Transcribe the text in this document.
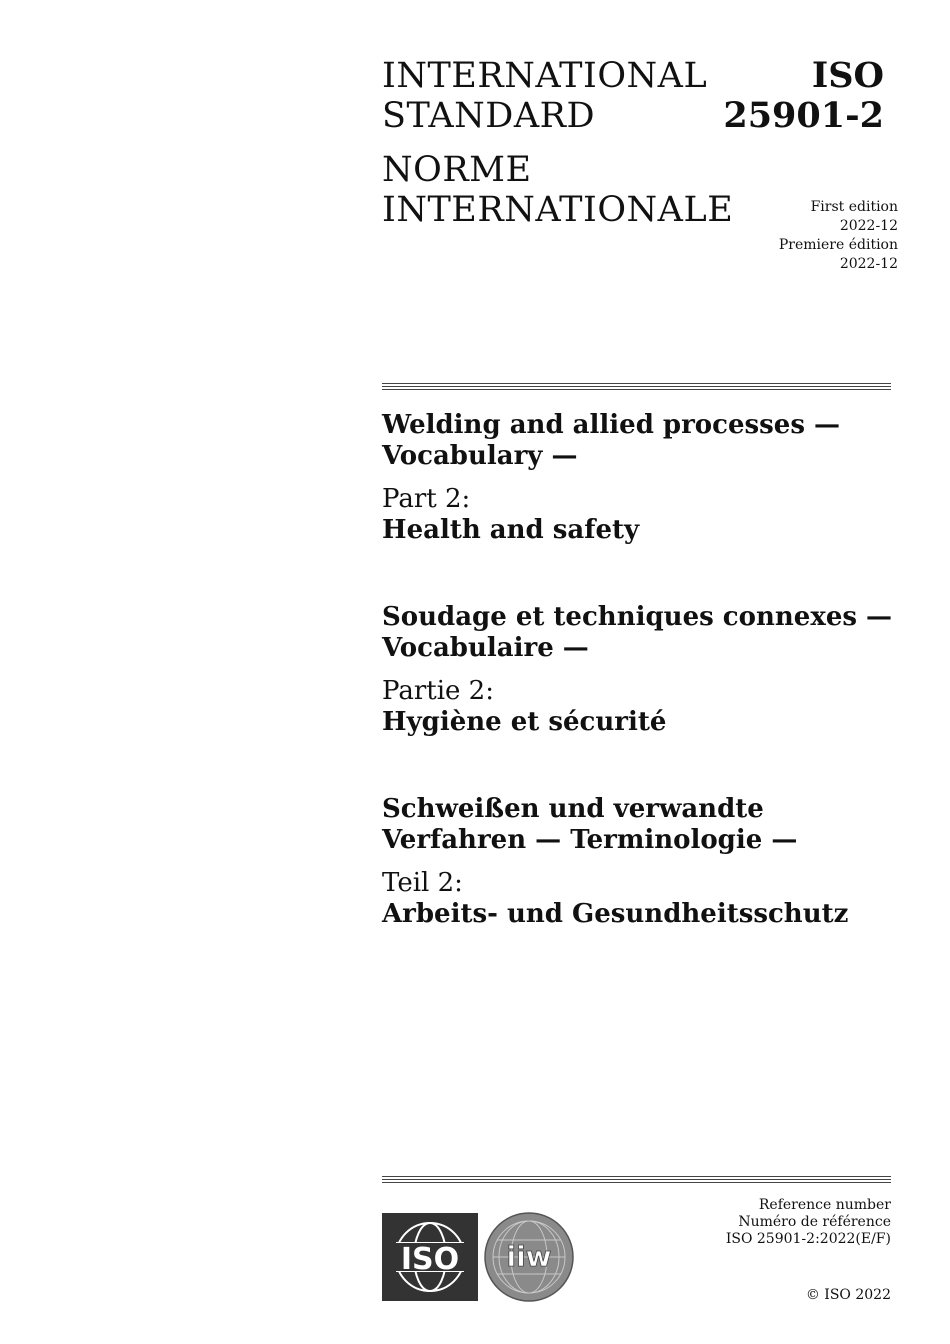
INTERNATIONAL
STANDARD
NORME
INTERNATIONALE
ISO
25901-2
First edition
2022-12
Premiere édition
2022-12
Welding and allied processes —
Vocabulary —
Part 2:
Health and safety
Soudage et techniques connexes —
Vocabulaire —
Partie 2:
Hygiène et sécurité
Schweißen und verwandte
Verfahren — Terminologie —
Teil 2:
Arbeits- und Gesundheitsschutz
ISO iiw
Reference number
Numéro de référence
ISO 25901-2:2022(E/F)
© ISO 2022
